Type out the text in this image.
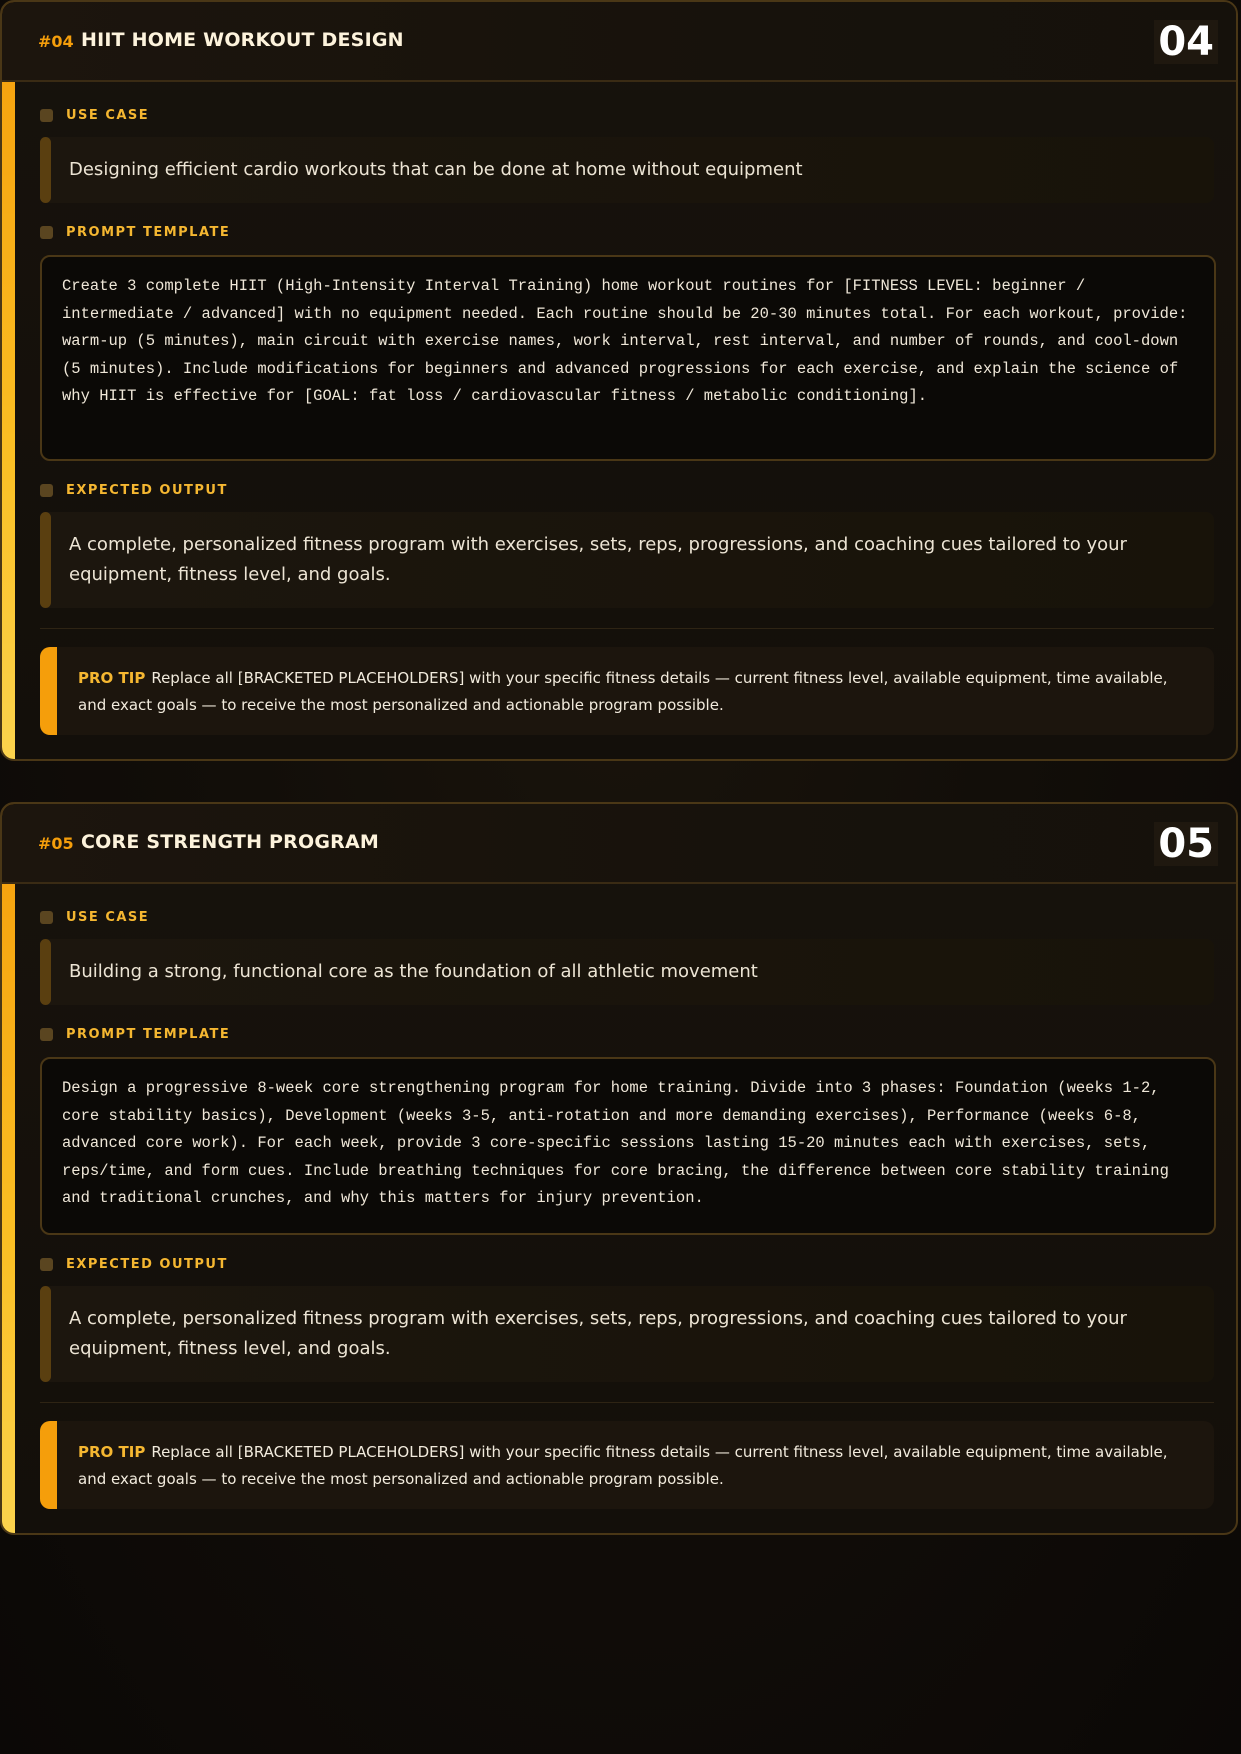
#04 HIIT HOME WORKOUT DESIGN	04
USE CASE
Designing efficient cardio workouts that can be done at home without equipment
PROMPT TEMPLATE
Create 3 complete HIIT (High-Intensity Interval Training) home workout routines for [FITNESS LEVEL: beginner / intermediate / advanced] with no equipment needed. Each routine should be 20-30 minutes total. For each workout, provide: warm-up (5 minutes), main circuit with exercise names, work interval, rest interval, and number of rounds, and cool-down (5 minutes). Include modifications for beginners and advanced progressions for each exercise, and explain the science of why HIIT is effective for [GOAL: fat loss / cardiovascular fitness / metabolic conditioning].
EXPECTED OUTPUT
A complete, personalized fitness program with exercises, sets, reps, progressions, and coaching cues tailored to your equipment, fitness level, and goals.
PRO TIP Replace all [BRACKETED PLACEHOLDERS] with your specific fitness details — current fitness level, available equipment, time available, and exact goals — to receive the most personalized and actionable program possible.
#05 CORE STRENGTH PROGRAM	05
USE CASE
Building a strong, functional core as the foundation of all athletic movement
PROMPT TEMPLATE
Design a progressive 8-week core strengthening program for home training. Divide into 3 phases: Foundation (weeks 1-2, core stability basics), Development (weeks 3-5, anti-rotation and more demanding exercises), Performance (weeks 6-8, advanced core work). For each week, provide 3 core-specific sessions lasting 15-20 minutes each with exercises, sets, reps/time, and form cues. Include breathing techniques for core bracing, the difference between core stability training and traditional crunches, and why this matters for injury prevention.
EXPECTED OUTPUT
A complete, personalized fitness program with exercises, sets, reps, progressions, and coaching cues tailored to your equipment, fitness level, and goals.
PRO TIP Replace all [BRACKETED PLACEHOLDERS] with your specific fitness details — current fitness level, available equipment, time available, and exact goals — to receive the most personalized and actionable program possible.
